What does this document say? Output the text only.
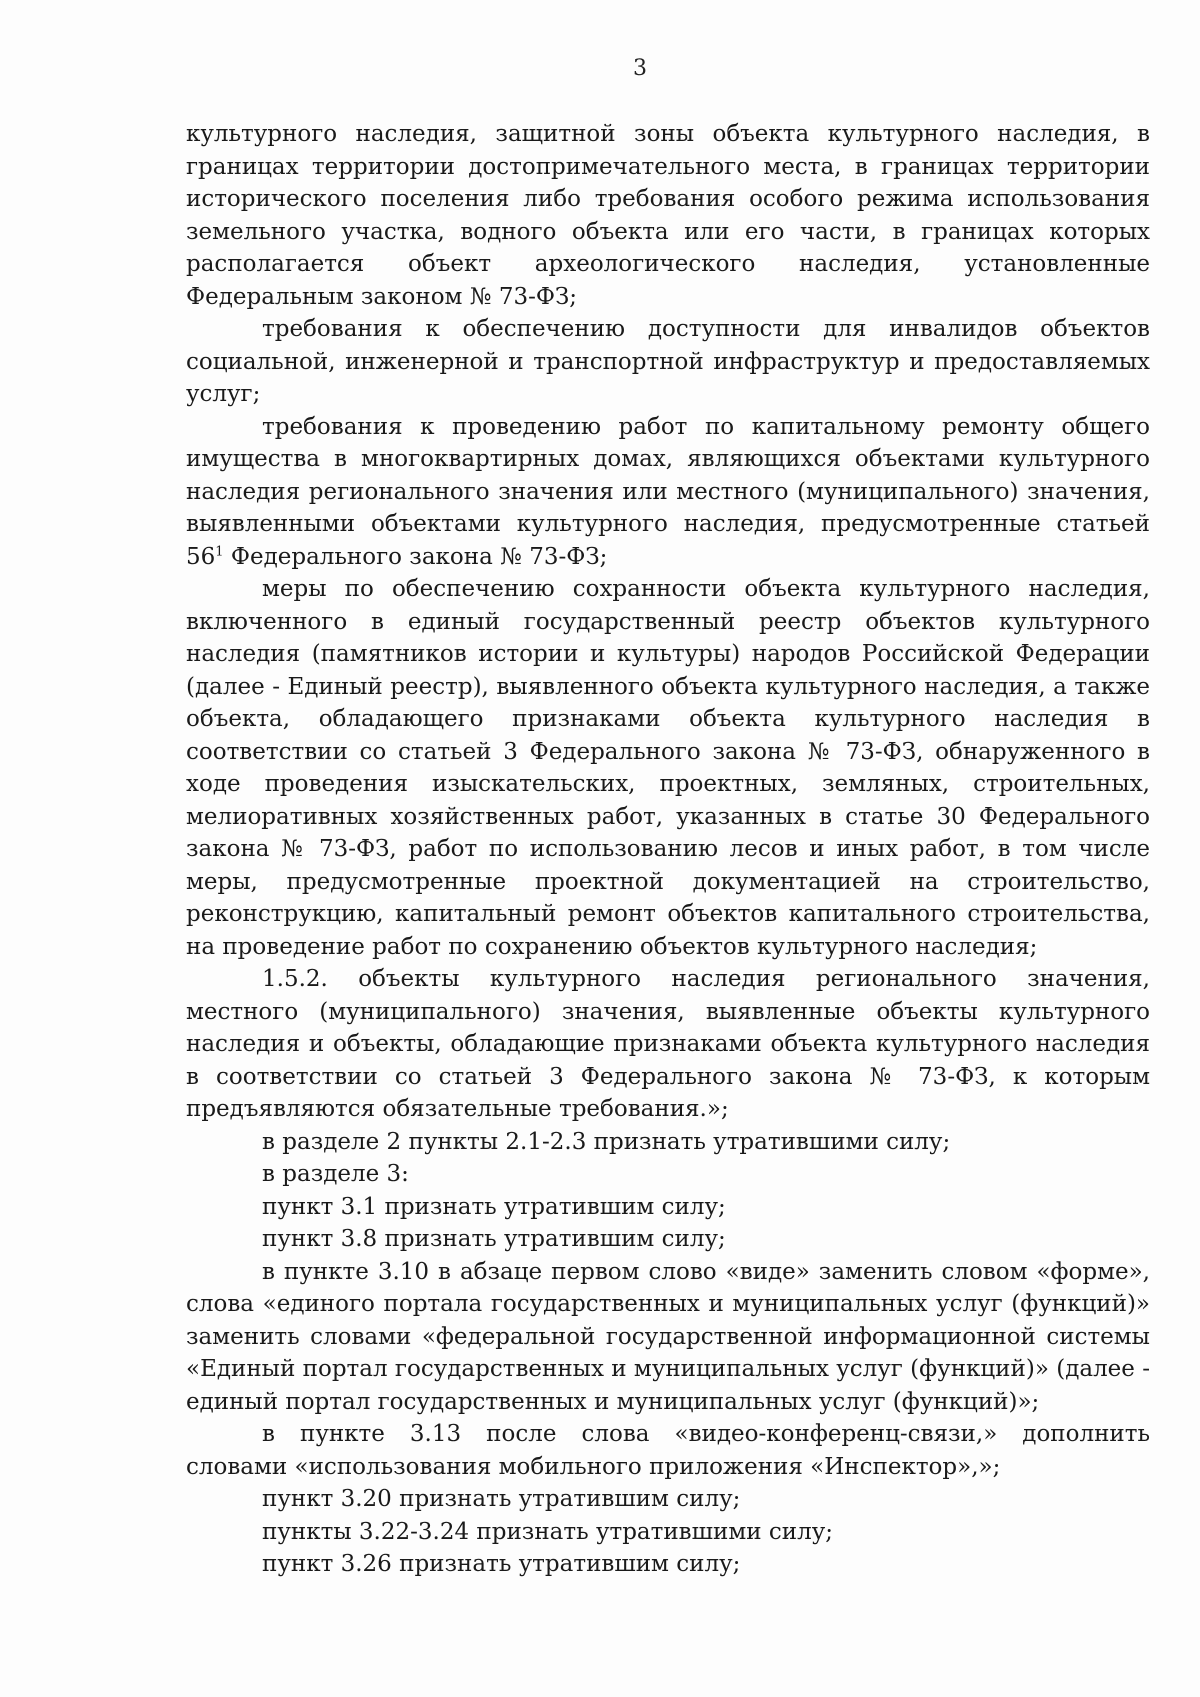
3

культурного наследия, защитной зоны объекта культурного наследия, в границах территории достопримечательного места, в границах территории исторического поселения либо требования особого режима использования земельного участка, водного объекта или его части, в границах которых располагается объект археологического наследия, установленные Федеральным законом № 73-ФЗ;

требования к обеспечению доступности для инвалидов объектов социальной, инженерной и транспортной инфраструктур и предоставляемых услуг;

требования к проведению работ по капитальному ремонту общего имущества в многоквартирных домах, являющихся объектами культурного наследия регионального значения или местного (муниципального) значения, выявленными объектами культурного наследия, предусмотренные статьей $56^1$ Федерального закона № 73-ФЗ;

меры по обеспечению сохранности объекта культурного наследия, включенного в единый государственный реестр объектов культурного наследия (памятников истории и культуры) народов Российской Федерации (далее - Единый реестр), выявленного объекта культурного наследия, а также объекта, обладающего признаками объекта культурного наследия в соответствии со статьей 3 Федерального закона № 73-ФЗ, обнаруженного в ходе проведения изыскательских, проектных, земляных, строительных, мелиоративных хозяйственных работ, указанных в статье 30 Федерального закона № 73-ФЗ, работ по использованию лесов и иных работ, в том числе меры, предусмотренные проектной документацией на строительство, реконструкцию, капитальный ремонт объектов капитального строительства, на проведение работ по сохранению объектов культурного наследия;

1.5.2. объекты культурного наследия регионального значения, местного (муниципального) значения, выявленные объекты культурного наследия и объекты, обладающие признаками объекта культурного наследия в соответствии со статьей 3 Федерального закона № 73-ФЗ, к которым предъявляются обязательные требования.»;

в разделе 2 пункты 2.1-2.3 признать утратившими силу;

в разделе 3:

пункт 3.1 признать утратившим силу;

пункт 3.8 признать утратившим силу;

в пункте 3.10 в абзаце первом слово «виде» заменить словом «форме», слова «единого портала государственных и муниципальных услуг (функций)» заменить словами «федеральной государственной информационной системы «Единый портал государственных и муниципальных услуг (функций)» (далее - единый портал государственных и муниципальных услуг (функций)»;

в пункте 3.13 после слова «видео-конференц-связи,» дополнить словами «использования мобильного приложения «Инспектор»,»;

пункт 3.20 признать утратившим силу;

пункты 3.22-3.24 признать утратившими силу;

пункт 3.26 признать утратившим силу;
